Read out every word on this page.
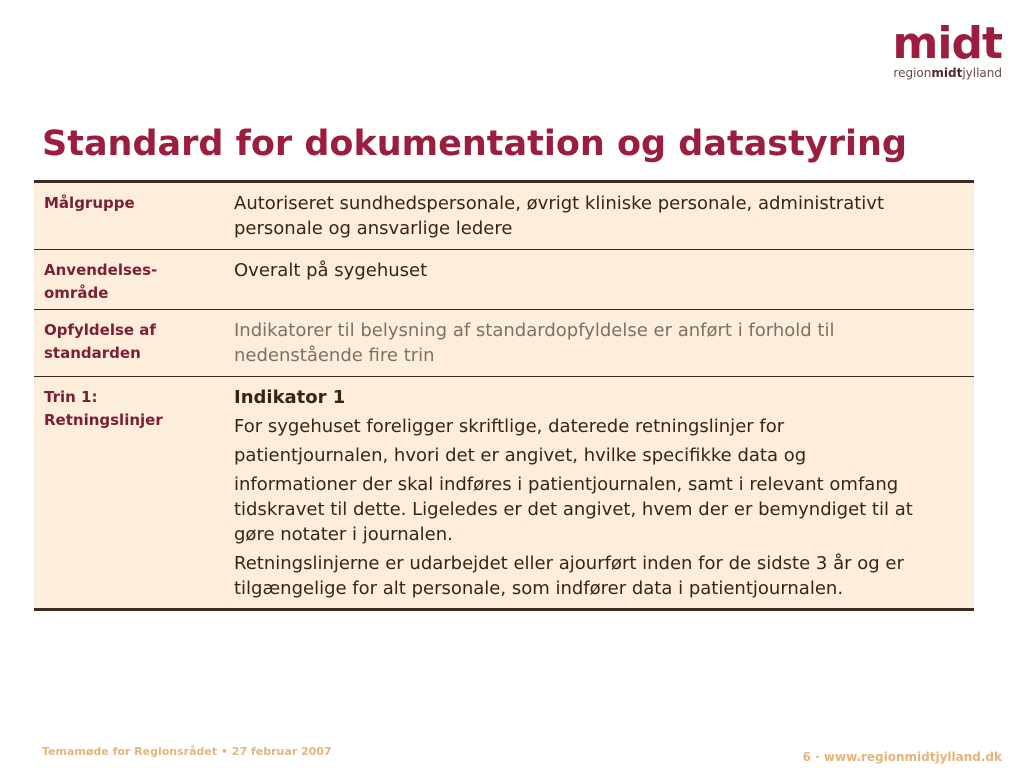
midt
regionmidtjylland
Standard for dokumentation og datastyring
Målgruppe	Autoriseret sundhedspersonale, øvrigt kliniske personale, administrativt personale og ansvarlige ledere
Anvendelses-
område
Overalt på sygehuset
Opfyldelse af
standarden
Indikatorer til belysning af standardopfyldelse er anført i forhold til nedenstående fire trin
Trin 1:
Retningslinjer
Indikator 1
For sygehuset foreligger skriftlige, daterede retningslinjer for
patientjournalen, hvori det er angivet, hvilke specifikke data og
informationer der skal indføres i patientjournalen, samt i relevant omfang tidskravet til dette. Ligeledes er det angivet, hvem der er bemyndiget til at gøre notater i journalen.
Retningslinjerne er udarbejdet eller ajourført inden for de sidste 3 år og er tilgængelige for alt personale, som indfører data i patientjournalen.
Temamøde for Regionsrådet • 27 februar 2007	6 · www.regionmidtjylland.dk
